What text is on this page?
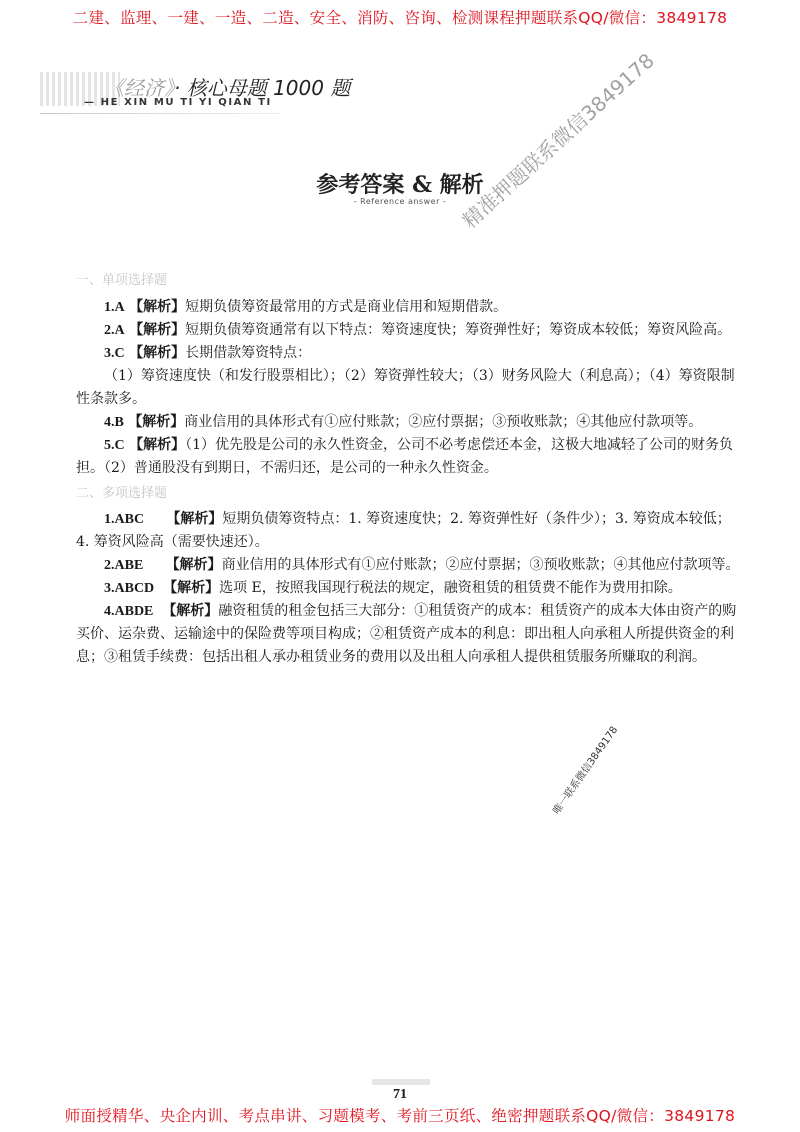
二建、监理、一建、一造、二造、安全、消防、咨询、检测课程押题联系QQ/微信：3849178
《经济》· 核心母题 1000 题
— HE XIN MU TI YI QIAN TI
参考答案 & 解析
- Reference answer - 精准押题联系微信3849178
一、单项选择题

1.A 【解析】短期负债筹资最常用的方式是商业信用和短期借款。

2.A 【解析】短期负债筹资通常有以下特点：筹资速度快；筹资弹性好；筹资成本较低；筹资风险高。

3.C 【解析】长期借款筹资特点：

（1）筹资速度快（和发行股票相比）；（2）筹资弹性较大；（3）财务风险大（利息高）；（4）筹资限制性条款多。

4.B 【解析】商业信用的具体形式有①应付账款；②应付票据；③预收账款；④其他应付款项等。

5.C 【解析】（1）优先股是公司的永久性资金，公司不必考虑偿还本金，这极大地减轻了公司的财务负担。（2）普通股没有到期日，不需归还，是公司的一种永久性资金。

二、多项选择题

1.ABC 【解析】短期负债筹资特点：1. 筹资速度快；2. 筹资弹性好（条件少）；3. 筹资成本较低；4. 筹资风险高（需要快速还）。

2.ABE 【解析】商业信用的具体形式有①应付账款；②应付票据；③预收账款；④其他应付款项等。

3.ABCD 【解析】选项 E，按照我国现行税法的规定，融资租赁的租赁费不能作为费用扣除。

4.ABDE 【解析】融资租赁的租金包括三大部分：①租赁资产的成本：租赁资产的成本大体由资产的购买价、运杂费、运输途中的保险费等项目构成；②租赁资产成本的利息：即出租人向承租人所提供资金的利息；③租赁手续费：包括出租人承办租赁业务的费用以及出租人向承租人提供租赁服务所赚取的利润。

唯一联系微信3849178
71
师面授精华、央企内训、考点串讲、习题模考、考前三页纸、绝密押题联系QQ/微信：3849178
